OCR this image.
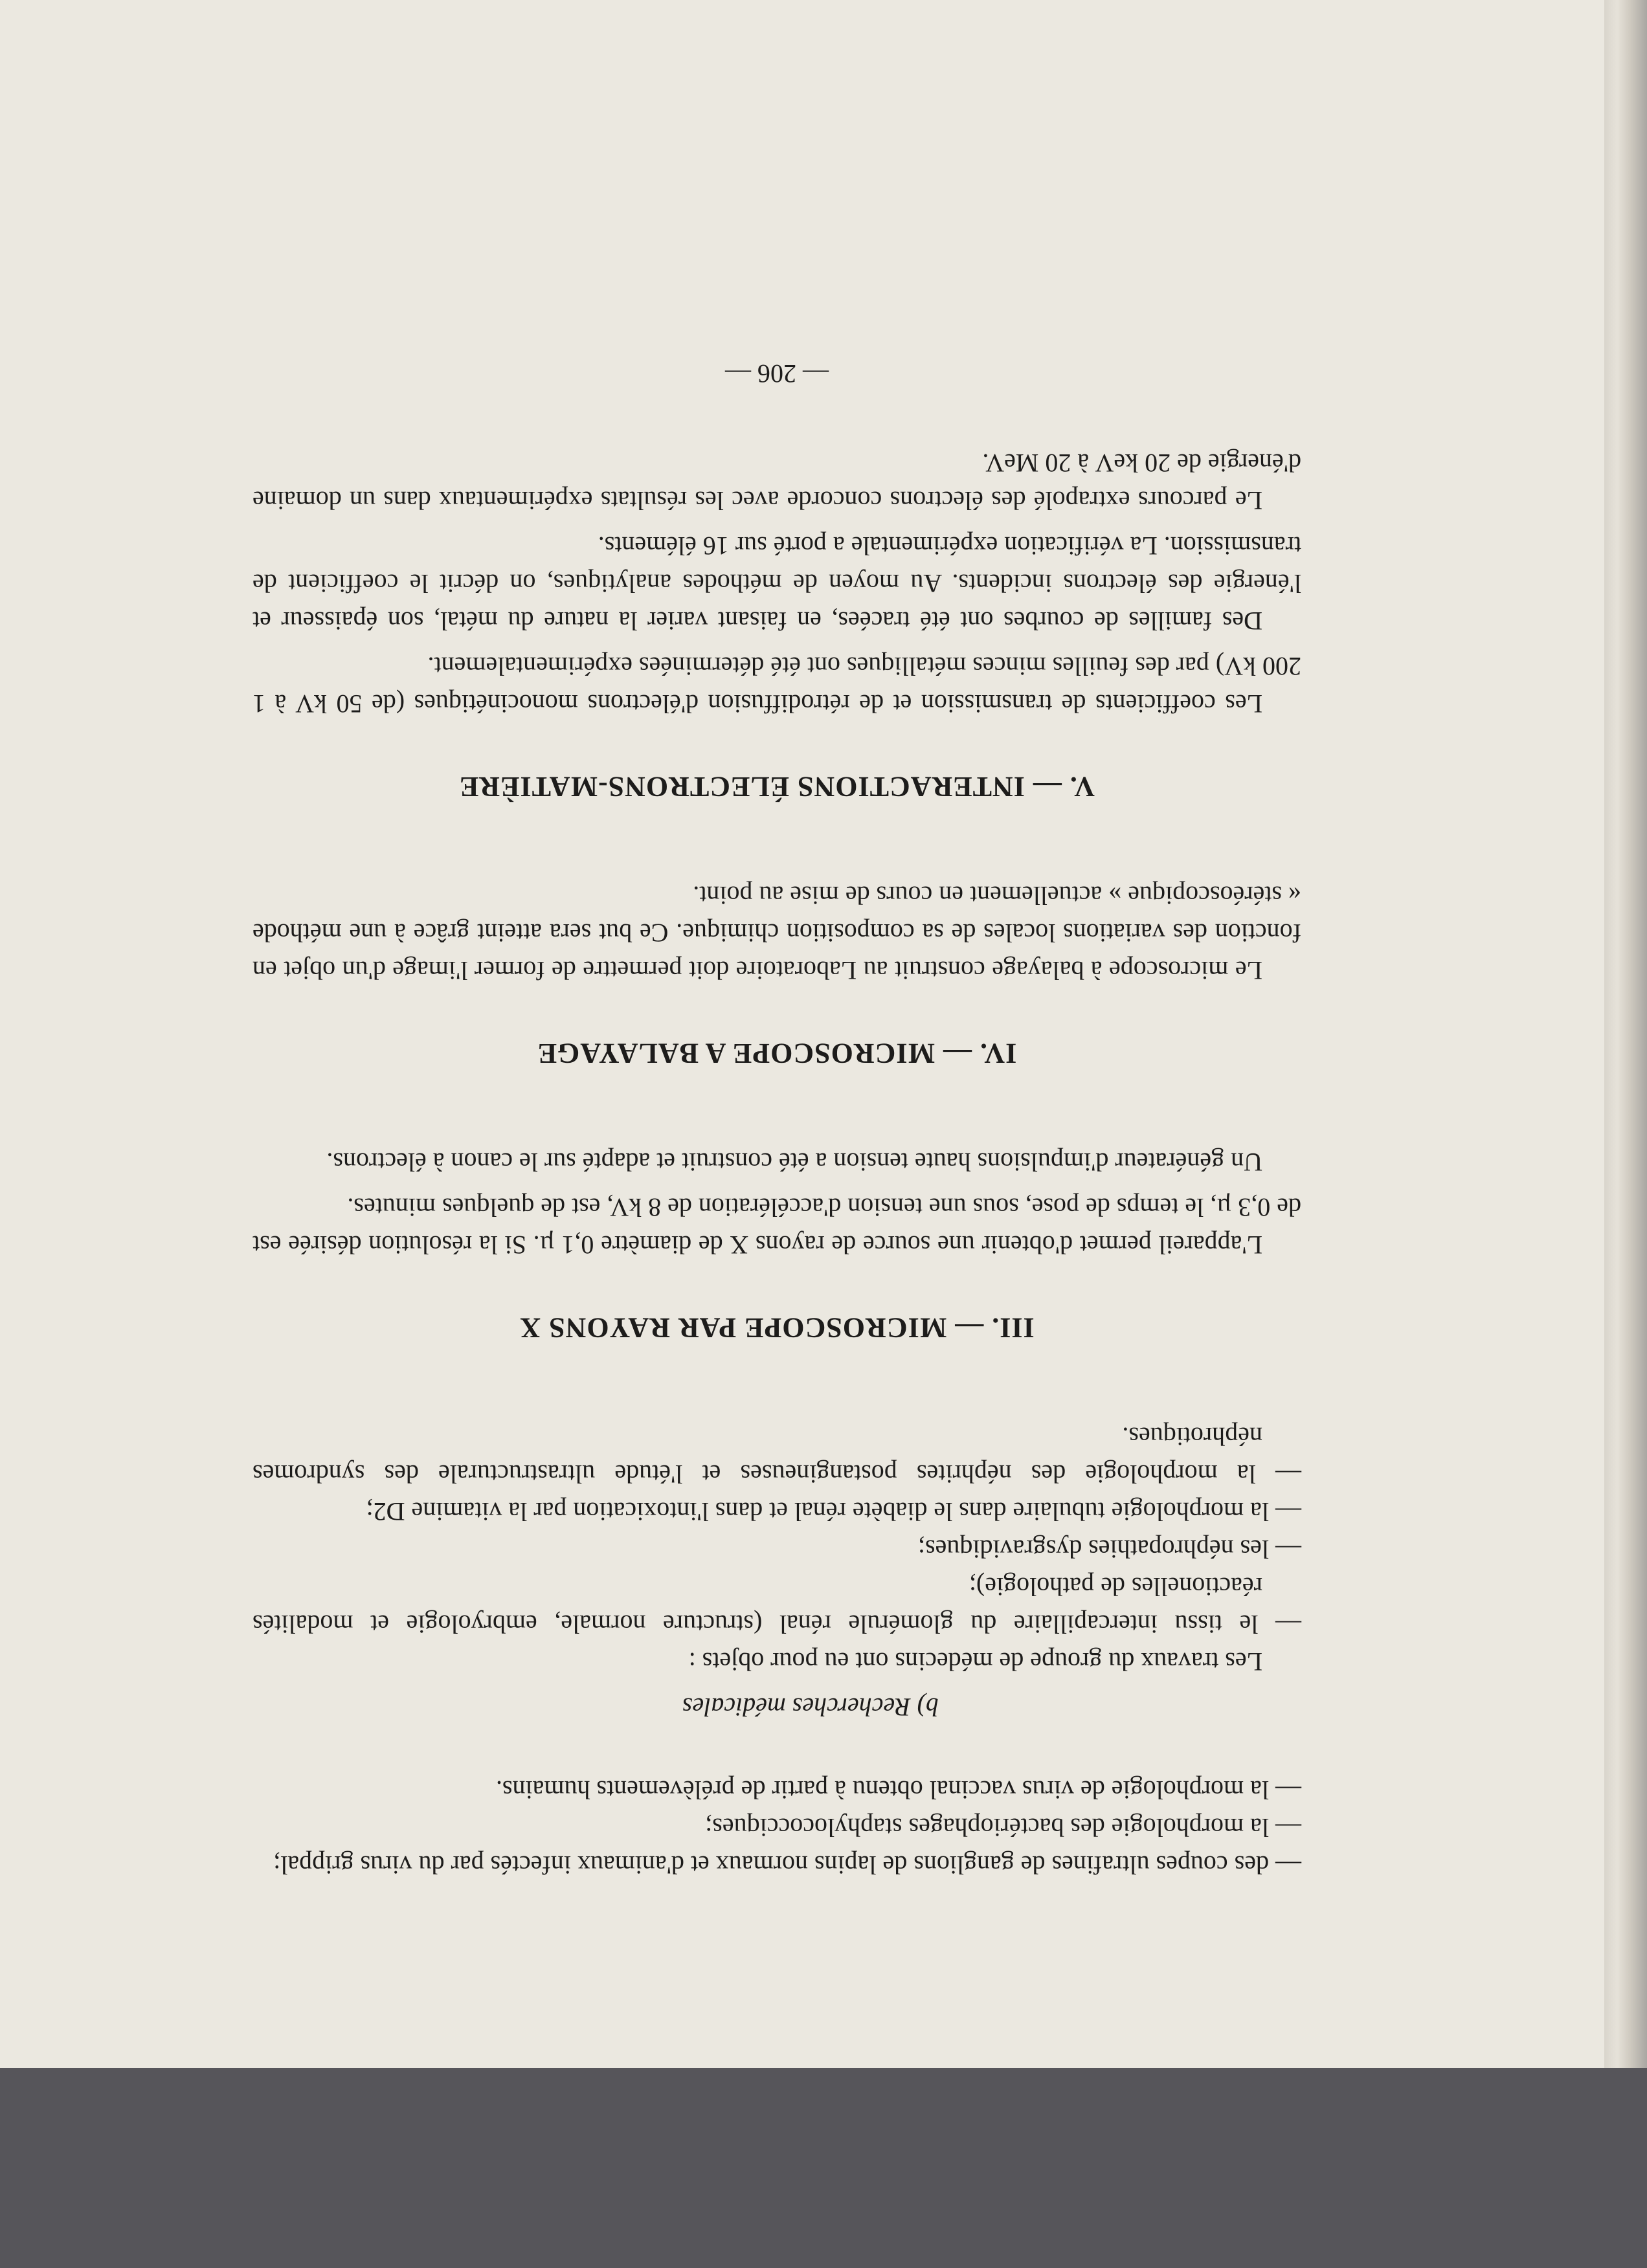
— des coupes ultrafines de ganglions de lapins normaux et d'animaux infectés par du virus grippal;

— la morphologie des bactériophages staphylococciques;

— la morphologie de virus vaccinal obtenu à partir de prélèvements humains.

b) Recherches médicales

Les travaux du groupe de médecins ont eu pour objets :

— le tissu intercapillaire du glomérule rénal (structure normale, embryologie et modalités réactionelles de pathologie);

— les néphropathies dysgravidiques;

— la morphologie tubulaire dans le diabète rénal et dans l'intoxication par la vitamine D2;

— la morphologie des néphrites postangineuses et l'étude ultrastructurale des syndromes néphrotiques.

III. — MICROSCOPE PAR RAYONS X

L'appareil permet d'obtenir une source de rayons X de diamètre 0,1 µ. Si la résolution désirée est de 0,3 µ, le temps de pose, sous une tension d'accélération de 8 kV, est de quelques minutes.

Un générateur d'impulsions haute tension a été construit et adapté sur le canon à électrons.

IV. — MICROSCOPE A BALAYAGE

Le microscope à balayage construit au Laboratoire doit permettre de former l'image d'un objet en fonction des variations locales de sa composition chimique. Ce but sera atteint grâce à une méthode « stéréoscopique » actuellement en cours de mise au point.

V. — INTERACTIONS ÉLECTRONS-MATIÈRE

Les coefficients de transmission et de rétrodiffusion d'électrons monocinétiques (de 50 kV à 1 200 kV) par des feuilles minces métalliques ont été déterminées expérimentalement.

Des familles de courbes ont été tracées, en faisant varier la nature du métal, son épaisseur et l'énergie des électrons incidents. Au moyen de méthodes analytiques, on décrit le coefficient de transmission. La vérification expérimentale a porté sur 16 éléments.

Le parcours extrapolé des électrons concorde avec les résultats expérimentaux dans un domaine d'énergie de 20 keV à 20 MeV.

— 206 —
